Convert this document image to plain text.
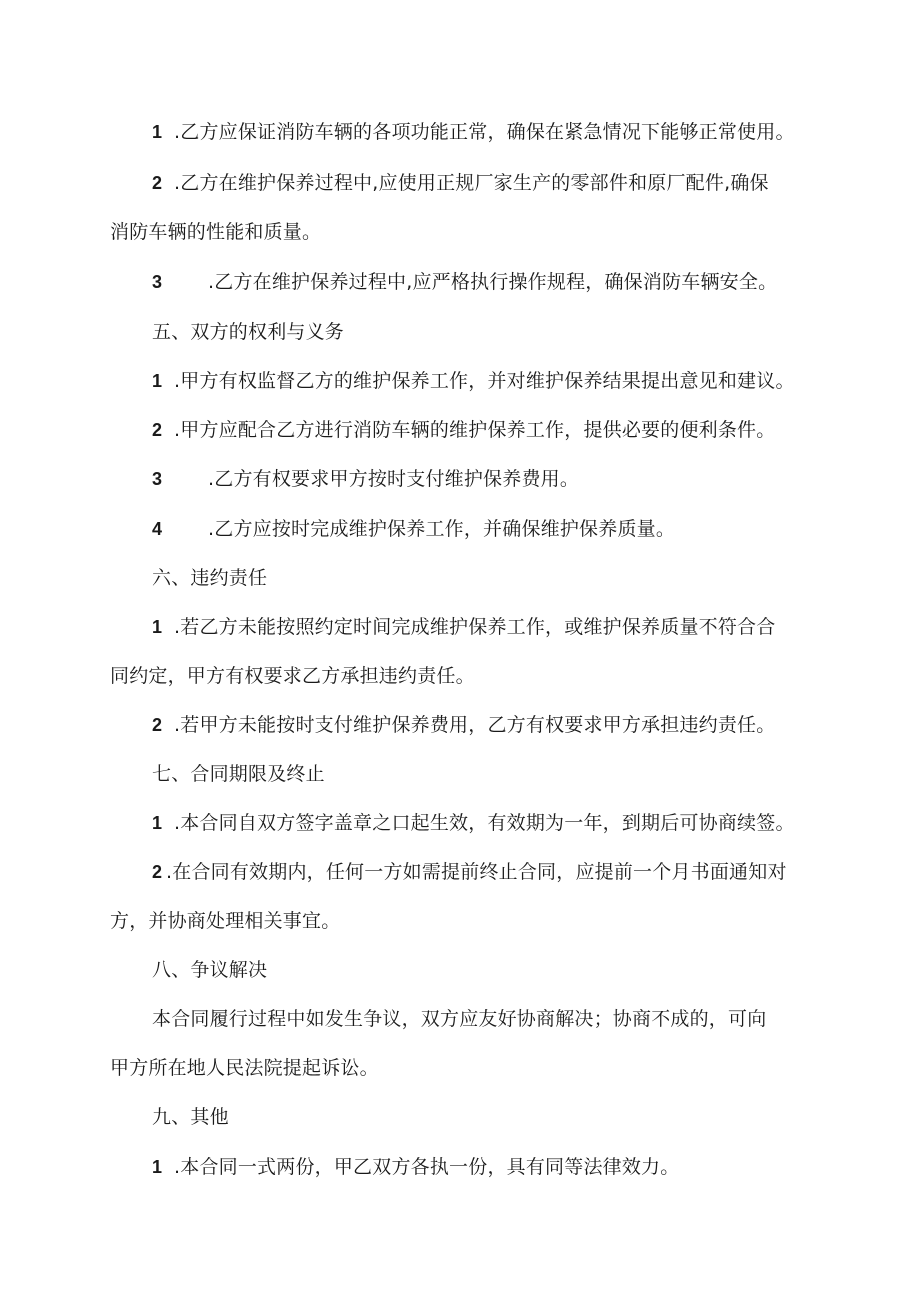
1 .乙方应保证消防车辆的各项功能正常，确保在紧急情况下能够正常使用。
2 .乙方在维护保养过程中,应使用正规厂家生产的零部件和原厂配件,确保
消防车辆的性能和质量。
3 .乙方在维护保养过程中,应严格执行操作规程，确保消防车辆安全。
五、双方的权利与义务
1 .甲方有权监督乙方的维护保养工作，并对维护保养结果提出意见和建议。
2 .甲方应配合乙方进行消防车辆的维护保养工作，提供必要的便利条件。
3 .乙方有权要求甲方按时支付维护保养费用。
4 .乙方应按时完成维护保养工作，并确保维护保养质量。
六、违约责任
1 .若乙方未能按照约定时间完成维护保养工作，或维护保养质量不符合合
同约定，甲方有权要求乙方承担违约责任。
2 .若甲方未能按时支付维护保养费用，乙方有权要求甲方承担违约责任。
七、合同期限及终止
1 .本合同自双方签字盖章之口起生效，有效期为一年，到期后可协商续签。
2 .在合同有效期内，任何一方如需提前终止合同，应提前一个月书面通知对
方，并协商处理相关事宜。
八、争议解决
本合同履行过程中如发生争议，双方应友好协商解决；协商不成的，可向
甲方所在地人民法院提起诉讼。
九、其他
1 .本合同一式两份，甲乙双方各执一份，具有同等法律效力。
